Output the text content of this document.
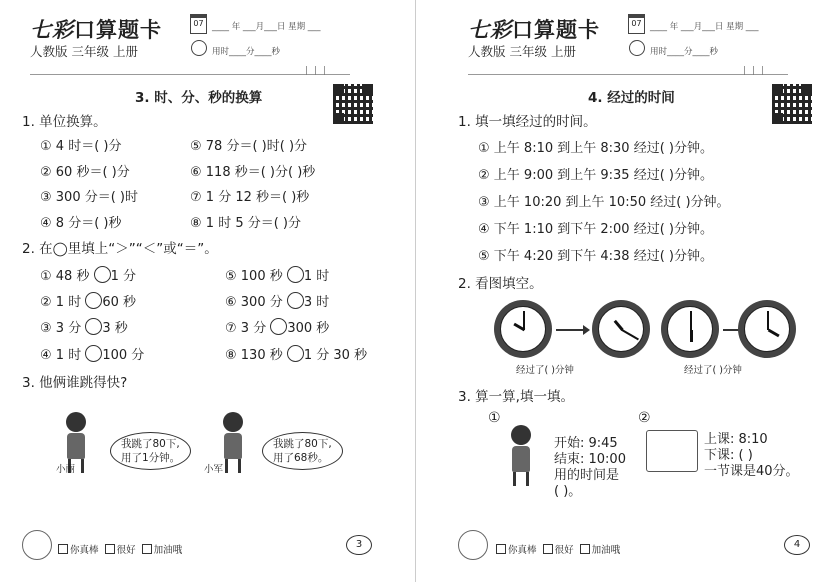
七彩口算题卡
人教版 三年级 上册
07 ____ 年 ___月___日 星期 ___
用时____分____秒
|||
3. 时、分、秒的换算
1. 单位换算。
① 4 时＝( )分	⑤ 78 分＝( )时( )分
② 60 秒＝( )分	⑥ 118 秒＝( )分( )秒
③ 300 分＝( )时	⑦ 1 分 12 秒＝( )秒
④ 8 分＝( )秒	⑧ 1 时 5 分＝( )分
2. 在◯里填上“＞”“＜”或“＝”。
① 48 秒 1 分	⑤ 100 秒 1 时
② 1 时 60 秒	⑥ 300 分 3 时
③ 3 分 3 秒	⑦ 3 分 300 秒
④ 1 时 100 分	⑧ 130 秒 1 分 30 秒
3. 他俩谁跳得快?
我跳了80下,
用了1分钟。
小丽
我跳了80下,
用了68秒。
小军
你真棒 很好 加油哦
3
七彩口算题卡
人教版 三年级 上册
07 ____ 年 ___月___日 星期 ___
用时____分____秒
|||
4. 经过的时间
1. 填一填经过的时间。
① 上午 8:10 到上午 8:30 经过( )分钟。
② 上午 9:00 到上午 9:35 经过( )分钟。
③ 上午 10:20 到上午 10:50 经过( )分钟。
④ 下午 1:10 到下午 2:00 经过( )分钟。
⑤ 下午 4:20 到下午 4:38 经过( )分钟。
2. 看图填空。
经过了( )分钟	经过了( )分钟
3. 算一算,填一填。
①
开始: 9:45
结束: 10:00
用的时间是
( )。
②
上课: 8:10
下课: ( )
一节课是40分。
你真棒 很好 加油哦
4
